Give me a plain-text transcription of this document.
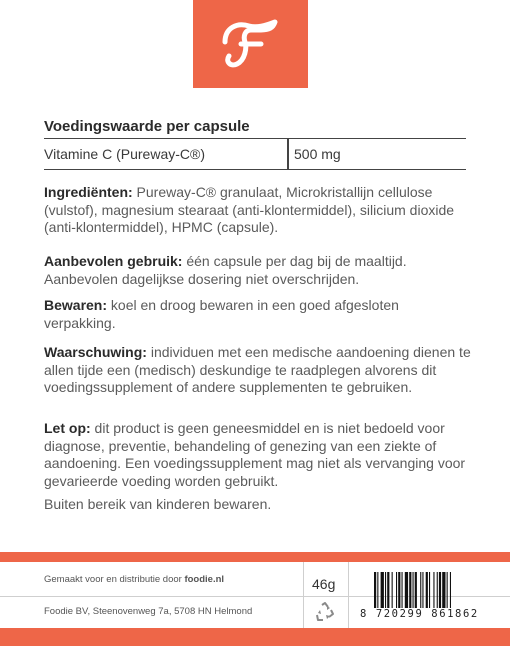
Voedingswaarde per capsule
Vitamine C (Pureway-C®)	500 mg
Ingrediënten: Pureway-C® granulaat, Microkristallijn cellulose (vulstof), magnesium stearaat (anti-klontermiddel), silicium dioxide (anti-klontermiddel), HPMC (capsule).
Aanbevolen gebruik: één capsule per dag bij de maaltijd. Aanbevolen dagelijkse dosering niet overschrijden.
Bewaren: koel en droog bewaren in een goed afgesloten verpakking.
Waarschuwing: individuen met een medische aandoening dienen te allen tijde een (medisch) deskundige te raadplegen alvorens dit voedingssupplement of andere supplementen te gebruiken.
Let op: dit product is geen geneesmiddel en is niet bedoeld voor diagnose, preventie, behandeling of genezing van een ziekte of aandoening. Een voedingssupplement mag niet als vervanging voor gevarieerde voeding worden gebruikt.
Buiten bereik van kinderen bewaren.
Gemaakt voor en distributie door foodie.nl
Foodie BV, Steenovenweg 7a, 5708 HN Helmond
46g
8 720299 861862
